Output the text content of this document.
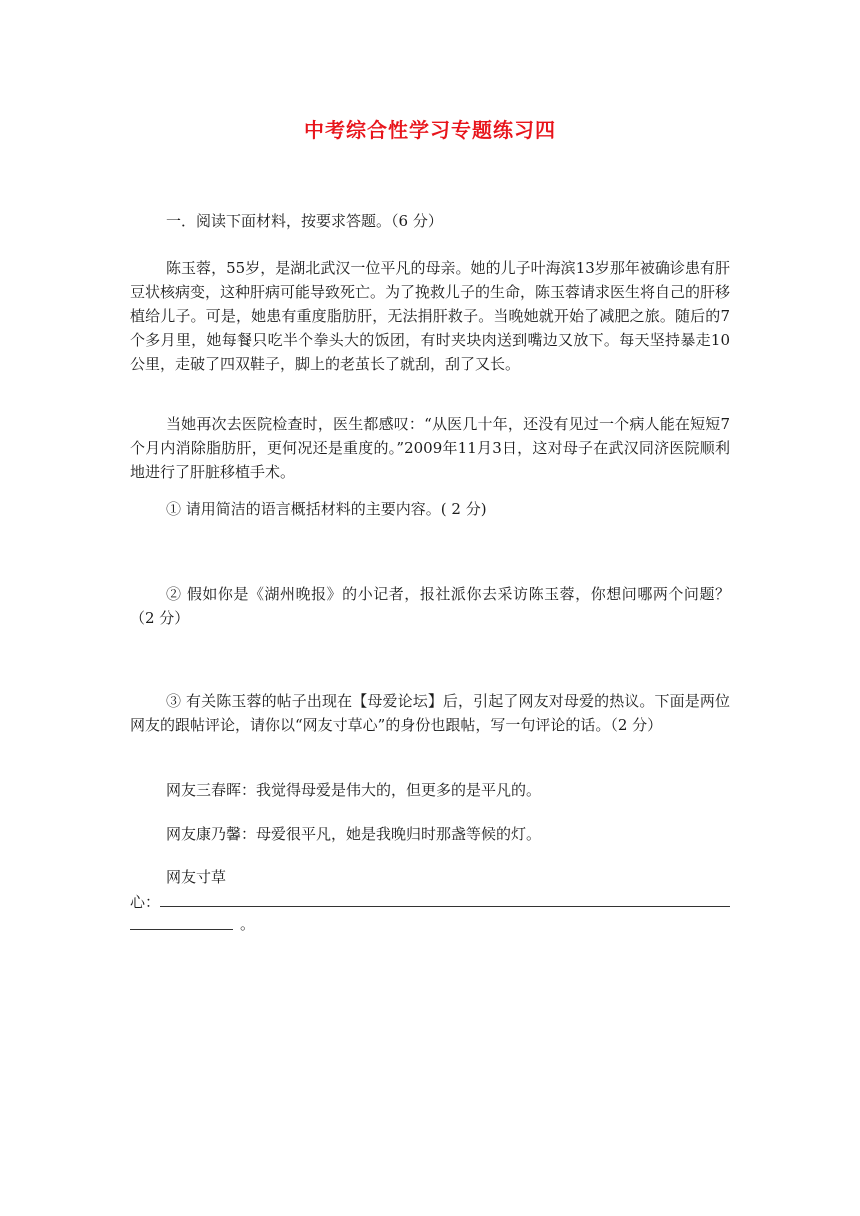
中考综合性学习专题练习四

一．阅读下面材料，按要求答题。（6 分）

陈玉蓉，55岁，是湖北武汉一位平凡的母亲。她的儿子叶海滨13岁那年被确诊患有肝豆状核病变，这种肝病可能导致死亡。为了挽救儿子的生命，陈玉蓉请求医生将自己的肝移植给儿子。可是，她患有重度脂肪肝，无法捐肝救子。当晚她就开始了减肥之旅。随后的7个多月里，她每餐只吃半个拳头大的饭团，有时夹块肉送到嘴边又放下。每天坚持暴走10公里，走破了四双鞋子，脚上的老茧长了就刮，刮了又长。

当她再次去医院检查时，医生都感叹：“从医几十年，还没有见过一个病人能在短短7个月内消除脂肪肝，更何况还是重度的。”2009年11月3日，这对母子在武汉同济医院顺利地进行了肝脏移植手术。

① 请用简洁的语言概括材料的主要内容。( 2 分)

② 假如你是《湖州晚报》的小记者，报社派你去采访陈玉蓉，你想问哪两个问题？（2 分）

③ 有关陈玉蓉的帖子出现在【母爱论坛】后，引起了网友对母爱的热议。下面是两位网友的跟帖评论，请你以“网友寸草心”的身份也跟帖，写一句评论的话。（2 分）

网友三春晖：我觉得母爱是伟大的，但更多的是平凡的。

网友康乃馨：母爱很平凡，她是我晚归时那盏等候的灯。

网友寸草

心：
。
